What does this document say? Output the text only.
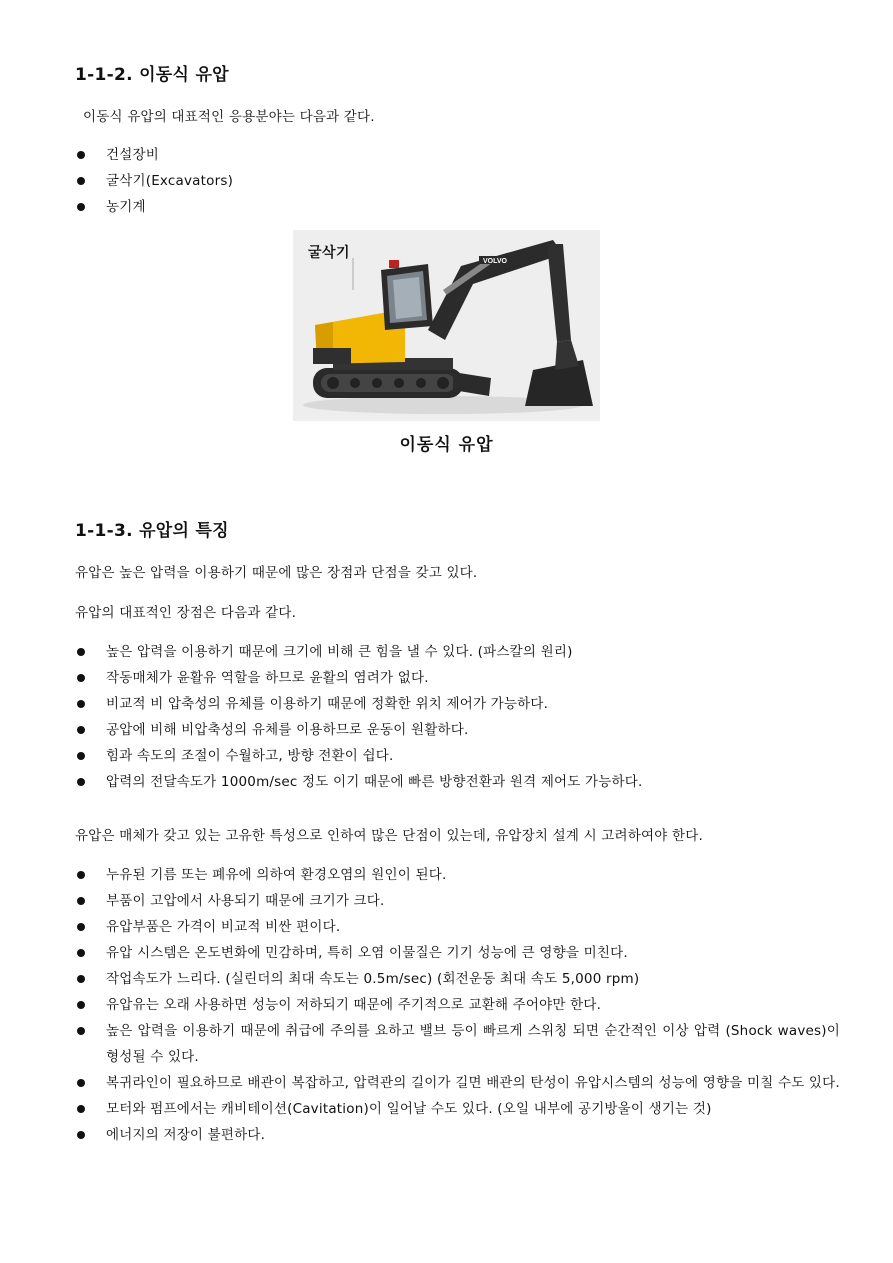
1-1-2. 이동식 유압
이동식 유압의 대표적인 응용분야는 다음과 같다.
건설장비
굴삭기(Excavators)
농기계
VOLVO
굴삭기
이동식 유압
1-1-3. 유압의 특징
유압은 높은 압력을 이용하기 때문에 많은 장점과 단점을 갖고 있다.
유압의 대표적인 장점은 다음과 같다.
높은 압력을 이용하기 때문에 크기에 비해 큰 힘을 낼 수 있다. (파스칼의 원리)
작동매체가 윤활유 역할을 하므로 윤활의 염려가 없다.
비교적 비 압축성의 유체를 이용하기 때문에 정확한 위치 제어가 가능하다.
공압에 비해 비압축성의 유체를 이용하므로 운동이 원활하다.
힘과 속도의 조절이 수월하고, 방향 전환이 쉽다.
압력의 전달속도가 1000m/sec 정도 이기 때문에 빠른 방향전환과 원격 제어도 가능하다.
유압은 매체가 갖고 있는 고유한 특성으로 인하여 많은 단점이 있는데, 유압장치 설계 시 고려하여야 한다.
누유된 기름 또는 폐유에 의하여 환경오염의 원인이 된다.
부품이 고압에서 사용되기 때문에 크기가 크다.
유압부품은 가격이 비교적 비싼 편이다.
유압 시스템은 온도변화에 민감하며, 특히 오염 이물질은 기기 성능에 큰 영향을 미친다.
작업속도가 느리다. (실린더의 최대 속도는 0.5m/sec) (회전운동 최대 속도 5,000 rpm)
유압유는 오래 사용하면 성능이 저하되기 때문에 주기적으로 교환해 주어야만 한다.
높은 압력을 이용하기 때문에 취급에 주의를 요하고 밸브 등이 빠르게 스위칭 되면 순간적인 이상 압력 (Shock waves)이 형성될 수 있다.
복귀라인이 필요하므로 배관이 복잡하고, 압력관의 길이가 길면 배관의 탄성이 유압시스템의 성능에 영향을 미칠 수도 있다.
모터와 펌프에서는 캐비테이션(Cavitation)이 일어날 수도 있다. (오일 내부에 공기방울이 생기는 것)
에너지의 저장이 불편하다.
